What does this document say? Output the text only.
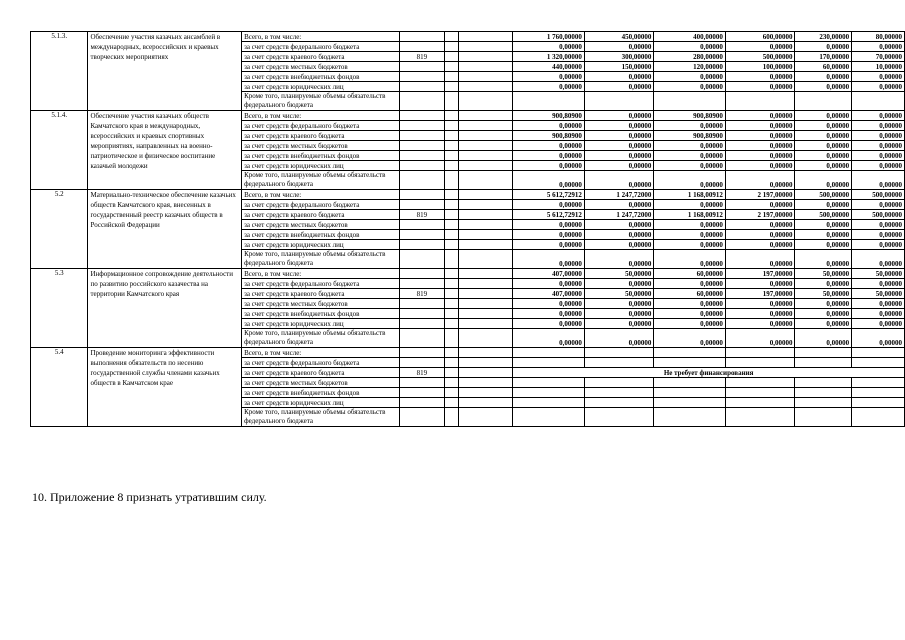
5.1.3.	Обеспечение участия казачьих ансамблей в международных, всероссийских и краевых творческих мероприятиях	Всего, в том числе:				1 760,00000	450,00000	400,00000	600,00000	230,00000	80,00000
		за счет средств федерального бюджета				0,00000	0,00000	0,00000	0,00000	0,00000	0,00000
		за счет средств краевого бюджета	819			1 320,00000	300,00000	280,00000	500,00000	170,00000	70,00000
		за счет средств местных бюджетов				440,00000	150,00000	120,00000	100,00000	60,00000	10,00000
		за счет средств внебюджетных фондов				0,00000	0,00000	0,00000	0,00000	0,00000	0,00000
		за счет средств юридических лиц				0,00000	0,00000	0,00000	0,00000	0,00000	0,00000
		Кроме того, планируемые объемы обязательств федерального бюджета									
5.1.4.	Обеспечение участия казачьих обществ Камчатского края в международных, всероссийских и краевых спортивных мероприятиях, направленных на военно-патриотическое и физическое воспитание казачьей молодежи	Всего, в том числе:				900,80900	0,00000	900,80900	0,00000	0,00000	0,00000
		за счет средств федерального бюджета				0,00000	0,00000	0,00000	0,00000	0,00000	0,00000
		за счет средств краевого бюджета				900,80900	0,00000	900,80900	0,00000	0,00000	0,00000
		за счет средств местных бюджетов				0,00000	0,00000	0,00000	0,00000	0,00000	0,00000
		за счет средств внебюджетных фондов				0,00000	0,00000	0,00000	0,00000	0,00000	0,00000
		за счет средств юридических лиц				0,00000	0,00000	0,00000	0,00000	0,00000	0,00000
		Кроме того, планируемые объемы обязательств федерального бюджета				0,00000	0,00000	0,00000	0,00000	0,00000	0,00000
5.2	Материально-техническое обеспечение казачьих обществ Камчатского края, внесенных в государственный реестр казачьих обществ в Российской Федерации	Всего, в том числе:				5 612,72912	1 247,72000	1 168,00912	2 197,00000	500,00000	500,00000
		за счет средств федерального бюджета				0,00000	0,00000	0,00000	0,00000	0,00000	0,00000
		за счет средств краевого бюджета	819			5 612,72912	1 247,72000	1 168,00912	2 197,00000	500,00000	500,00000
		за счет средств местных бюджетов				0,00000	0,00000	0,00000	0,00000	0,00000	0,00000
		за счет средств внебюджетных фондов				0,00000	0,00000	0,00000	0,00000	0,00000	0,00000
		за счет средств юридических лиц				0,00000	0,00000	0,00000	0,00000	0,00000	0,00000
		Кроме того, планируемые объемы обязательств федерального бюджета				0,00000	0,00000	0,00000	0,00000	0,00000	0,00000
5.3	Информационное сопровождение деятельности по развитию российского казачества на территории Камчатского края	Всего, в том числе:				407,00000	50,00000	60,00000	197,00000	50,00000	50,00000
		за счет средств федерального бюджета				0,00000	0,00000	0,00000	0,00000	0,00000	0,00000
		за счет средств краевого бюджета	819			407,00000	50,00000	60,00000	197,00000	50,00000	50,00000
		за счет средств местных бюджетов				0,00000	0,00000	0,00000	0,00000	0,00000	0,00000
		за счет средств внебюджетных фондов				0,00000	0,00000	0,00000	0,00000	0,00000	0,00000
		за счет средств юридических лиц				0,00000	0,00000	0,00000	0,00000	0,00000	0,00000
		Кроме того, планируемые объемы обязательств федерального бюджета				0,00000	0,00000	0,00000	0,00000	0,00000	0,00000
5.4	Проведение мониторинга эффективности выполнения обязательств по несению государственной службы членами казачьих обществ в Камчатском крае	Всего, в том числе:									
		за счет средств федерального бюджета									
		за счет средств краевого бюджета	819			Не требует финансирования					
		за счет средств местных бюджетов									
		за счет средств внебюджетных фондов									
		за счет средств юридических лиц									
		Кроме того, планируемые объемы обязательств федерального бюджета									
10. Приложение 8 признать утратившим силу.
